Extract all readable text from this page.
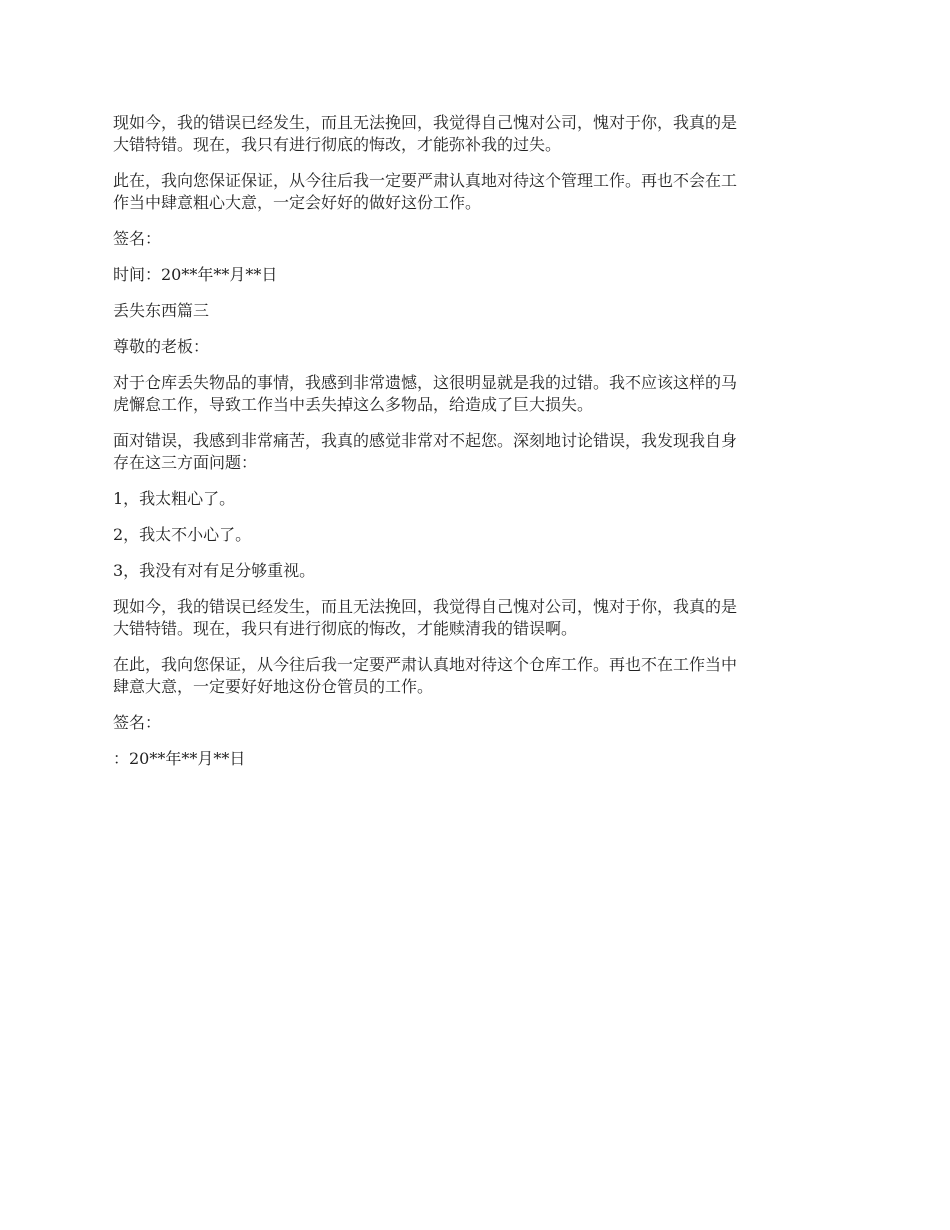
现如今，我的错误已经发生，而且无法挽回，我觉得自己愧对公司，愧对于你，我真的是
大错特错。现在，我只有进行彻底的悔改，才能弥补我的过失。

此在，我向您保证保证，从今往后我一定要严肃认真地对待这个管理工作。再也不会在工
作当中肆意粗心大意，一定会好好的做好这份工作。

签名：

时间：20**年**月**日

丢失东西篇三

尊敬的老板：

对于仓库丢失物品的事情，我感到非常遗憾，这很明显就是我的过错。我不应该这样的马
虎懈怠工作，导致工作当中丢失掉这么多物品，给造成了巨大损失。

面对错误，我感到非常痛苦，我真的感觉非常对不起您。深刻地讨论错误，我发现我自身
存在这三方面问题：

1，我太粗心了。

2，我太不小心了。

3，我没有对有足分够重视。

现如今，我的错误已经发生，而且无法挽回，我觉得自己愧对公司，愧对于你，我真的是
大错特错。现在，我只有进行彻底的悔改，才能赎清我的错误啊。

在此，我向您保证，从今往后我一定要严肃认真地对待这个仓库工作。再也不在工作当中
肆意大意，一定要好好地这份仓管员的工作。

签名：

：20**年**月**日
